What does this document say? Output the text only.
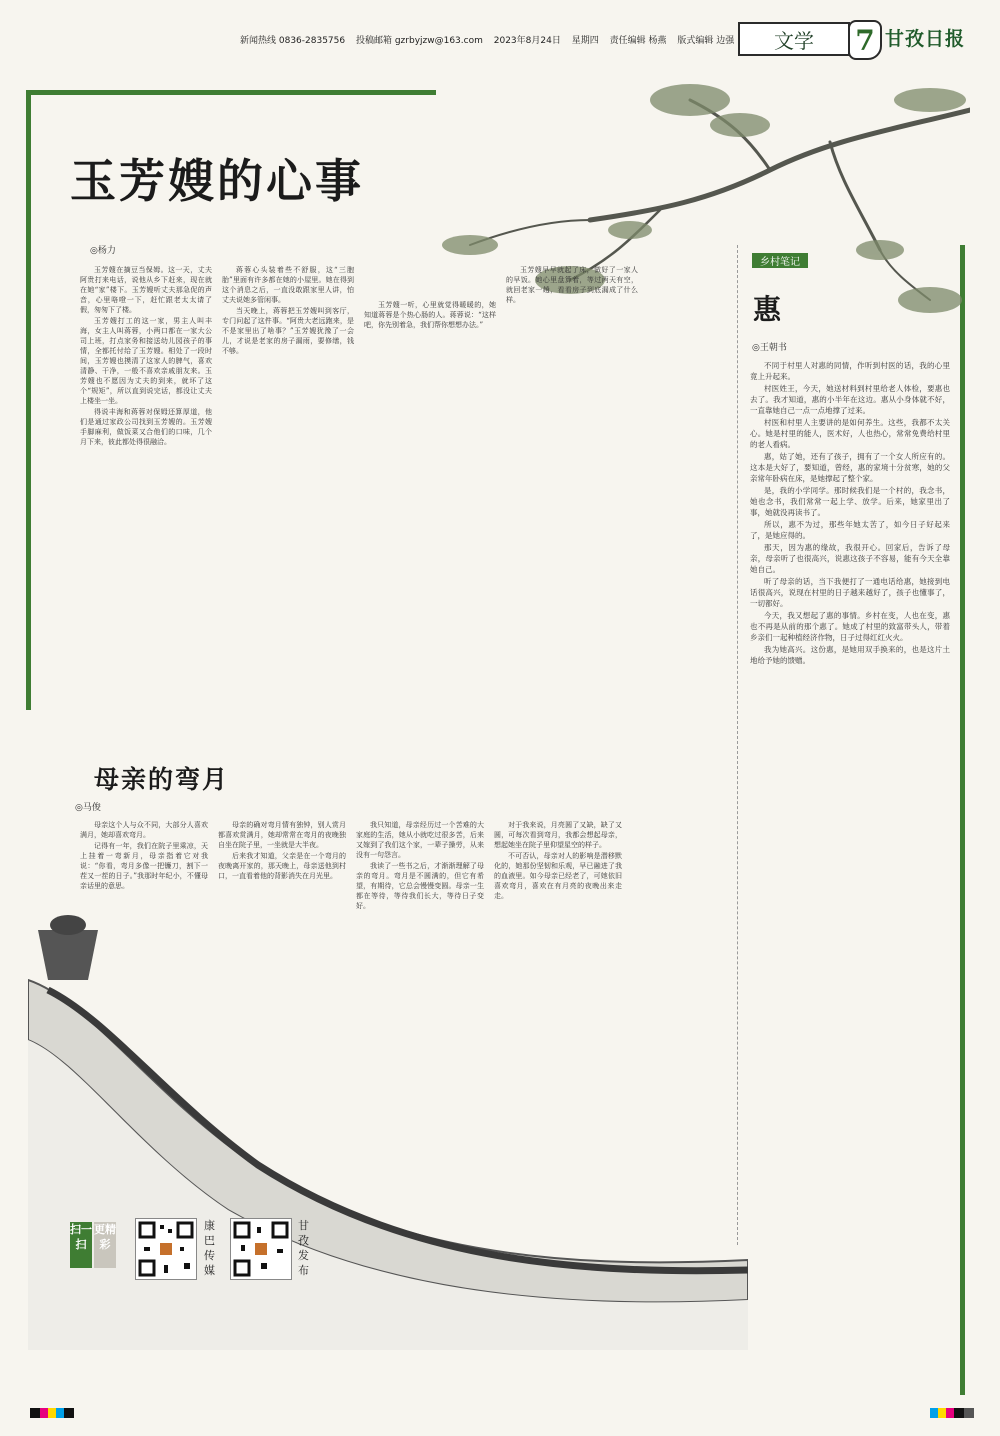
新闻热线 0836-2835756 投稿邮箱 gzrbyjzw@163.com 2023年8月24日 星期四 责任编辑 杨燕 版式编辑 边强	文学	7 甘孜日报
玉芳嫂的心事
◎杨力

玉芳嫂在摘豆当保姆。这一天，丈夫阿贵打来电话，说他从乡下赶来，现在就在她“家”楼下。玉芳嫂听丈夫那急促的声音，心里咯噔一下，赶忙跟老太太请了假，匆匆下了楼。

玉芳嫂打工的这一家，男主人叫丰海，女主人叫蒋蓉，小两口都在一家大公司上班，打点家务和接送幼儿园孩子的事情，全都托付给了玉芳嫂。相处了一段时间，玉芳嫂也摸清了这家人的脾气，喜欢清静、干净，一般不喜欢亲戚朋友来。玉芳嫂也不愿因为丈夫的到来，就坏了这个“规矩”，所以直到说完话，都没让丈夫上楼坐一坐。

得说丰海和蒋蓉对保姆还算厚道，他们是通过家政公司找到玉芳嫂的。玉芳嫂手脚麻利，做饭菜又合他们的口味，几个月下来，彼此都处得很融洽。

蒋蓉心头装着些不舒服，这“三胞胎”里面有许多都在她的小屋里。她在得到这个消息之后，一直没敢跟家里人讲，怕丈夫说她多管闲事。

当天晚上，蒋蓉把玉芳嫂叫到客厅，专门问起了这件事。“阿贵大老远跑来，是不是家里出了啥事？”玉芳嫂犹豫了一会儿，才说是老家的房子漏雨，要修缮，钱不够。

玉芳嫂一听，心里就觉得暖暖的，她知道蒋蓉是个热心肠的人。蒋蓉说：“这样吧，你先别着急，我们帮你想想办法。”

玉芳嫂早早就起了床，做好了一家人的早饭。她心里盘算着，等过两天有空，就回老家一趟，看看房子到底漏成了什么样。

母亲的弯月
◎马俊

母亲这个人与众不同，大部分人喜欢满月，她却喜欢弯月。

记得有一年，我们在院子里乘凉，天上挂着一弯新月，母亲指着它对我说：“你看，弯月多像一把镰刀，割下一茬又一茬的日子。”我那时年纪小，不懂母亲话里的意思。

母亲的确对弯月情有独钟，别人赏月都喜欢赏满月，她却常常在弯月的夜晚独自坐在院子里，一坐就是大半夜。

后来我才知道，父亲是在一个弯月的夜晚离开家的，那天晚上，母亲送他到村口，一直看着他的背影消失在月光里。

我只知道，母亲经历过一个苦难的大家庭的生活，她从小就吃过很多苦，后来又嫁到了我们这个家，一辈子操劳，从来没有一句怨言。

我读了一些书之后，才渐渐理解了母亲的弯月。弯月是不圆满的，但它有希望，有期待，它总会慢慢变圆。母亲一生都在等待，等待我们长大，等待日子变好。

对于我来说，月亮圆了又缺，缺了又圆，可每次看到弯月，我都会想起母亲，想起她坐在院子里仰望星空的样子。

不可否认，母亲对人的影响是潜移默化的，她那份坚韧和乐观，早已融进了我的血液里。如今母亲已经老了，可她依旧喜欢弯月，喜欢在有月亮的夜晚出来走走。

乡村笔记
惠
◎王朝书

不同于村里人对惠的同情，作听到村医的话，我的心里竟上升起来。

村医姓王，今天，她送材料到村里给老人体检，要惠也去了。我才知道，惠的小半年在这边。惠从小身体就不好，一直靠她自己一点一点地撑了过来。

村医和村里人主要讲的是如何养生。这些，我都不太关心。她是村里的能人，医术好，人也热心，常常免费给村里的老人看病。

惠，姑了她，还有了孩子，拥有了一个女人所应有的。这本是大好了，要知道，曾经，惠的家境十分贫寒，她的父亲常年卧病在床，是她撑起了整个家。

是，我的小学同学。那时候我们是一个村的，我念书，她也念书，我们常常一起上学、放学。后来，她家里出了事，她就没再读书了。

所以，惠不为过，那些年她太苦了，如今日子好起来了，是她应得的。

那天，因为惠的缘故，我很开心。回家后，告诉了母亲，母亲听了也很高兴，说惠这孩子不容易，能有今天全靠她自己。

听了母亲的话，当下我便打了一通电话给惠，她接到电话很高兴，说现在村里的日子越来越好了，孩子也懂事了，一切都好。

今天，我又想起了惠的事情。乡村在变，人也在变，惠也不再是从前的那个惠了。她成了村里的致富带头人，带着乡亲们一起种植经济作物，日子过得红红火火。

我为她高兴。这份惠，是她用双手换来的，也是这片土地给予她的馈赠。

扫一扫
更精彩
康巴传媒
甘孜发布
